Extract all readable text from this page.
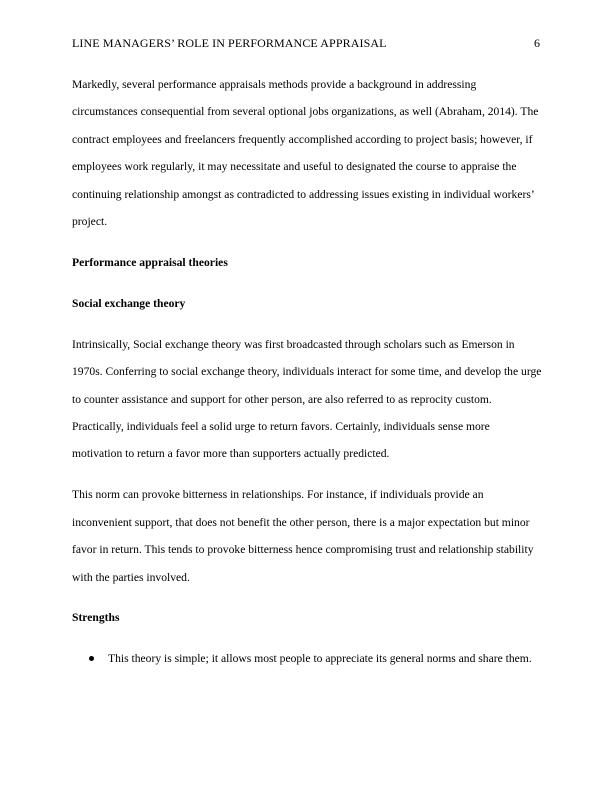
LINE MANAGERS’ ROLE IN PERFORMANCE APPRAISAL	6

Markedly, several performance appraisals methods provide a background in addressing circumstances consequential from several optional jobs organizations, as well (Abraham, 2014). The contract employees and freelancers frequently accomplished according to project basis; however, if employees work regularly, it may necessitate and useful to designated the course to appraise the continuing relationship amongst as contradicted to addressing issues existing in individual workers’ project.

Performance appraisal theories

Social exchange theory

Intrinsically, Social exchange theory was first broadcasted through scholars such as Emerson in 1970s. Conferring to social exchange theory, individuals interact for some time, and develop the urge to counter assistance and support for other person, are also referred to as reprocity custom. Practically, individuals feel a solid urge to return favors. Certainly, individuals sense more motivation to return a favor more than supporters actually predicted.

This norm can provoke bitterness in relationships. For instance, if individuals provide an inconvenient support, that does not benefit the other person, there is a major expectation but minor favor in return. This tends to provoke bitterness hence compromising trust and relationship stability with the parties involved.

Strengths

This theory is simple; it allows most people to appreciate its general norms and share them.
